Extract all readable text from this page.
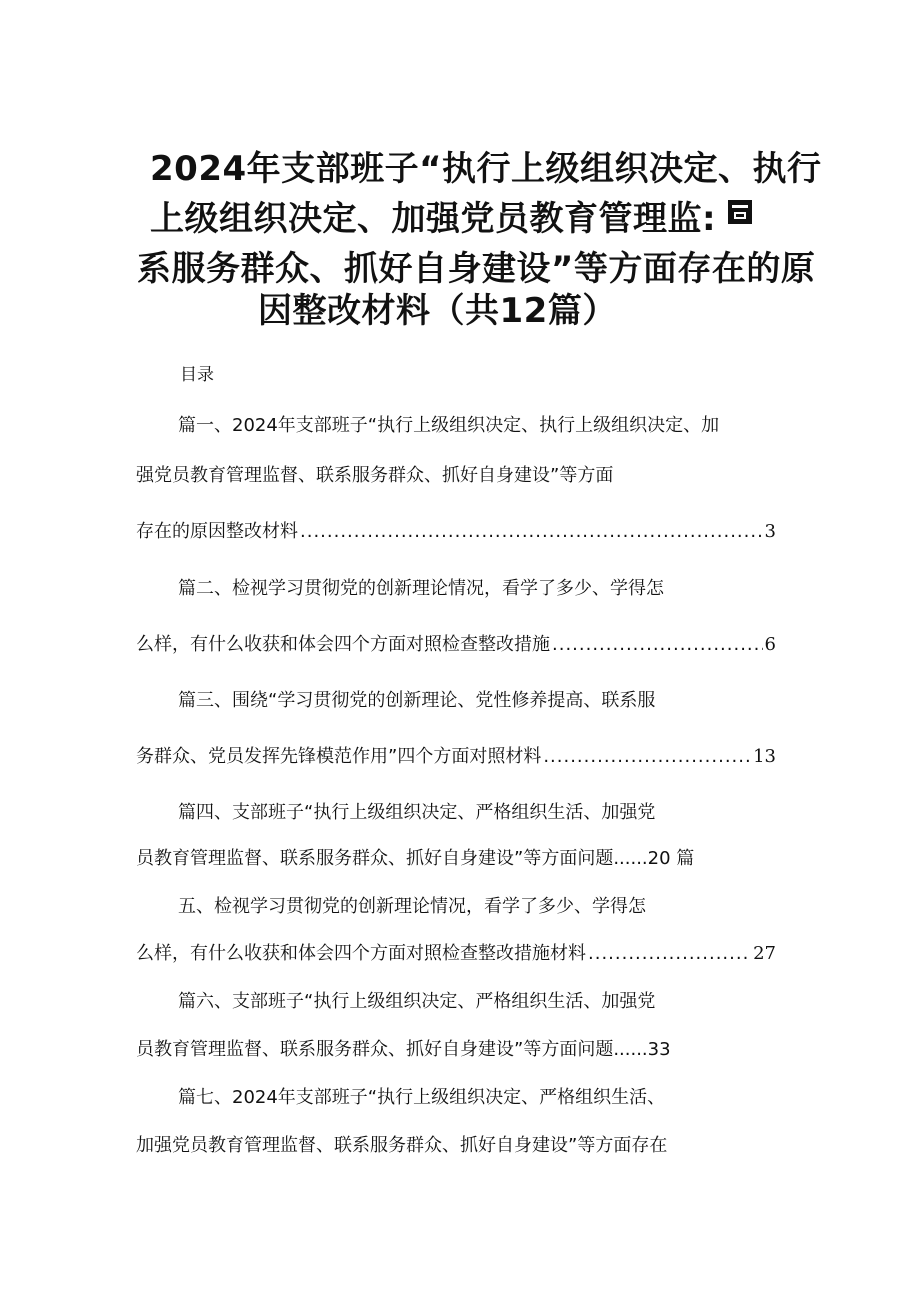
2024年支部班子“执行上级组织决定、执行
上级组织决定、加强党员教育管理监:
系服务群众、抓好自身建设”等方面存在的原
因整改材料（共12篇）
目录
篇一、2024年支部班子“执行上级组织决定、执行上级组织决定、加
强党员教育管理监督、联系服务群众、抓好自身建设”等方面
存在的原因整改材料 .....	3
篇二、检视学习贯彻党的创新理论情况，看学了多少、学得怎
么样，有什么收获和体会四个方面对照检查整改措施 .....	6
篇三、围绕“学习贯彻党的创新理论、党性修养提高、联系服
务群众、党员发挥先锋模范作用”四个方面对照材料 .....	13
篇四、支部班子“执行上级组织决定、严格组织生活、加强党
员教育管理监督、联系服务群众、抓好自身建设”等方面问题......20 篇
五、检视学习贯彻党的创新理论情况，看学了多少、学得怎
么样，有什么收获和体会四个方面对照检查整改措施材料 .....	27
篇六、支部班子“执行上级组织决定、严格组织生活、加强党
员教育管理监督、联系服务群众、抓好自身建设”等方面问题......33
篇七、2024年支部班子“执行上级组织决定、严格组织生活、
加强党员教育管理监督、联系服务群众、抓好自身建设”等方面存在
